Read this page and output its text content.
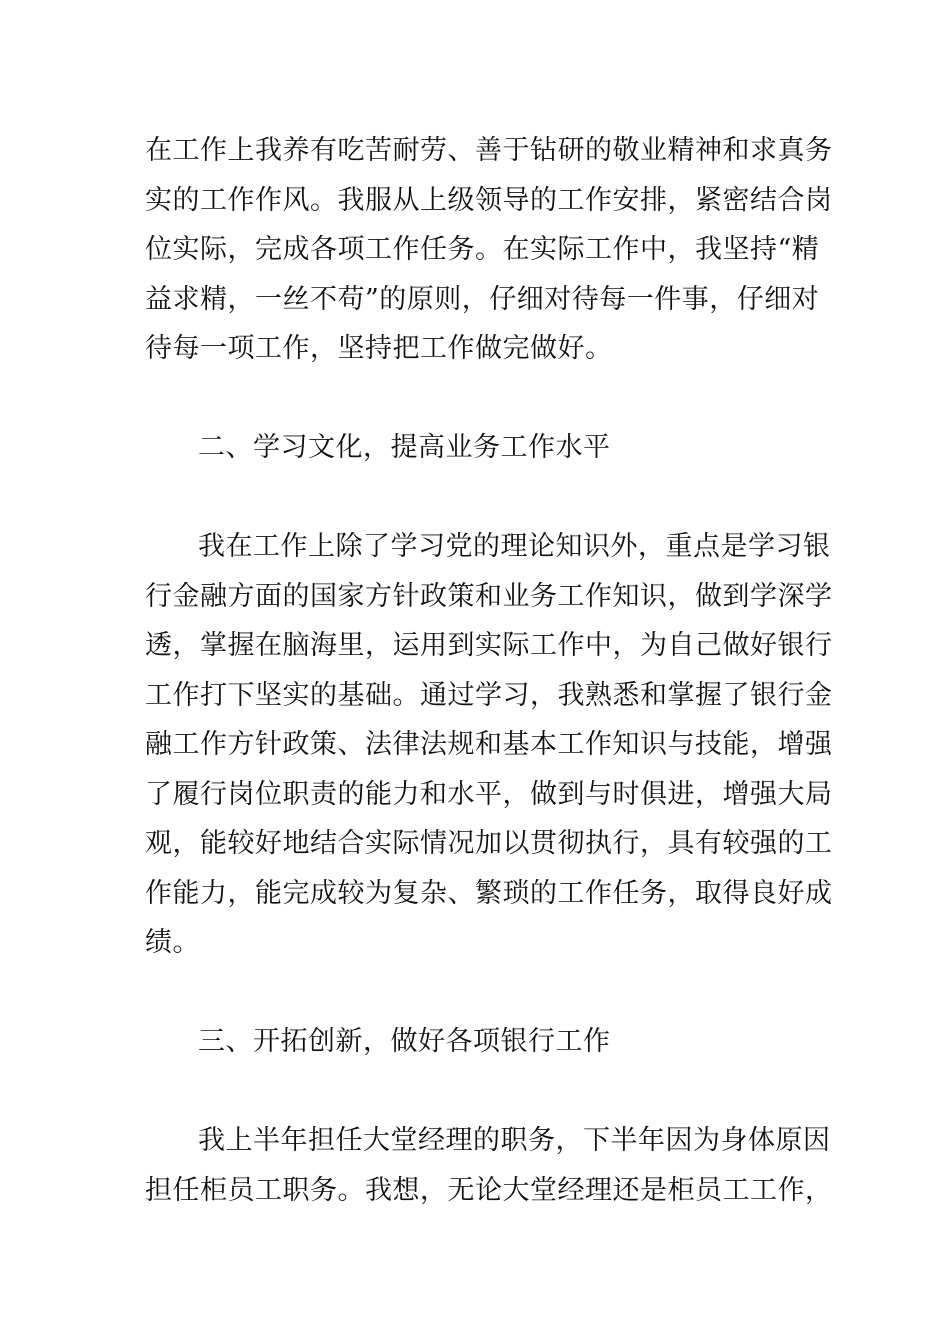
在工作上我养有吃苦耐劳、善于钻研的敬业精神和求真务
实的工作作风。我服从上级领导的工作安排，紧密结合岗
位实际，完成各项工作任务。在实际工作中，我坚持“精
益求精，一丝不苟”的原则，仔细对待每一件事，仔细对
待每一项工作，坚持把工作做完做好。
二、学习文化，提高业务工作水平
我在工作上除了学习党的理论知识外，重点是学习银
行金融方面的国家方针政策和业务工作知识，做到学深学
透，掌握在脑海里，运用到实际工作中，为自己做好银行
工作打下坚实的基础。通过学习，我熟悉和掌握了银行金
融工作方针政策、法律法规和基本工作知识与技能，增强
了履行岗位职责的能力和水平，做到与时俱进，增强大局
观，能较好地结合实际情况加以贯彻执行，具有较强的工
作能力，能完成较为复杂、繁琐的工作任务，取得良好成
绩。
三、开拓创新，做好各项银行工作
我上半年担任大堂经理的职务，下半年因为身体原因
担任柜员工职务。我想，无论大堂经理还是柜员工工作，
